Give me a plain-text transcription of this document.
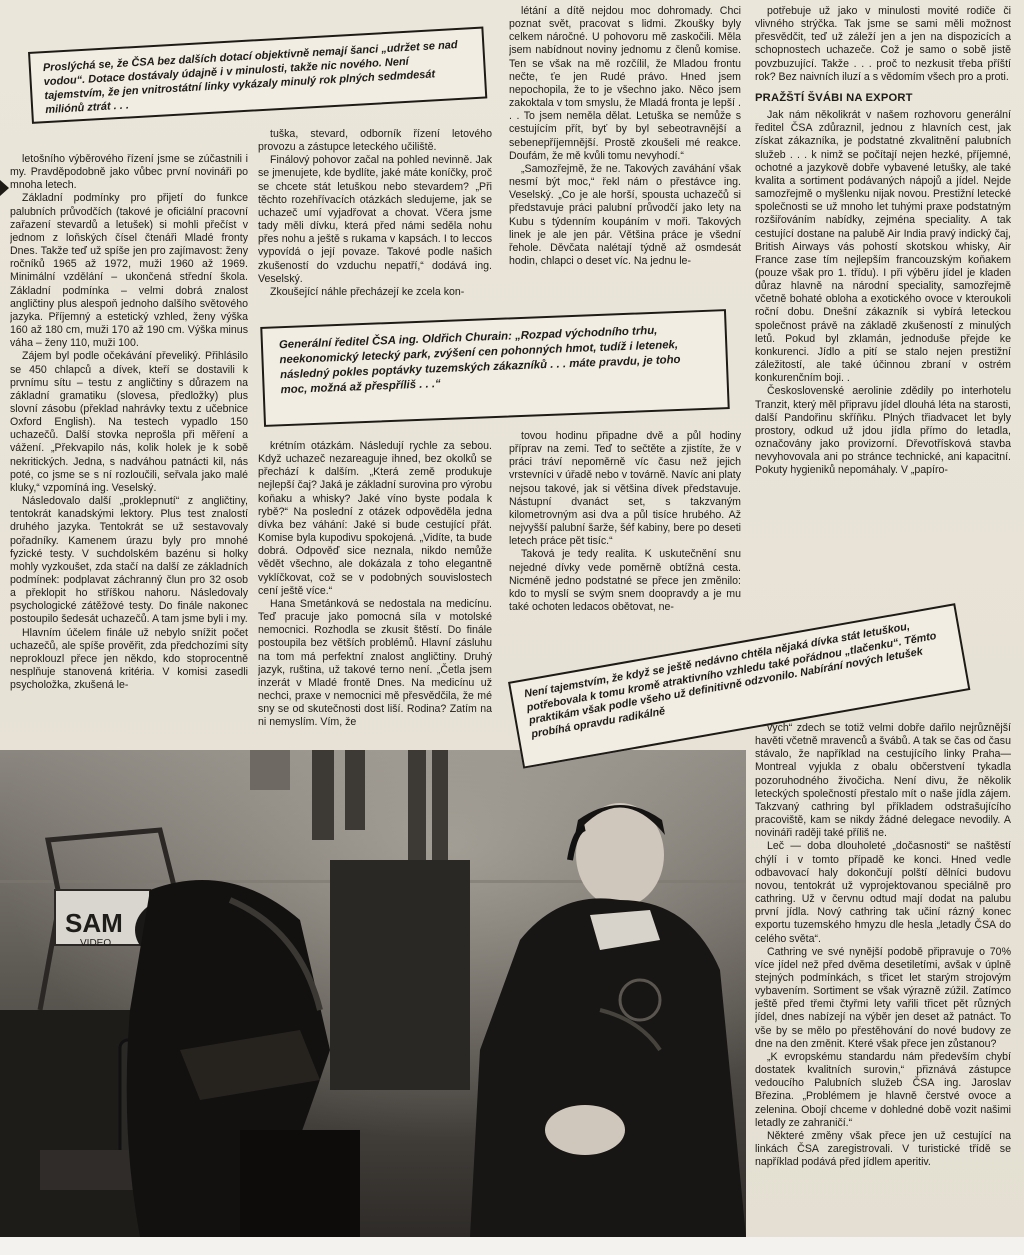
Proslýchá se, že ČSA bez dalších dotací objektivně nemají šanci „udržet se nad vodou“. Dotace dostávaly údajně i v minulosti, takže nic nového. Není tajemstvím, že jen vnitrostátní linky vykázaly minulý rok plných sedmdesát miliónů ztrát . . .

letošního výběrového řízení jsme se zúčastnili i my. Pravděpodobně jako vůbec první novináři po mnoha letech.

Základní podmínky pro přijetí do funkce palubních průvodčích (takové je oficiální pracovní zařazení stevardů a letušek) si mohli přečíst v jednom z loňských čísel čtenáři Mladé fronty Dnes. Takže teď už spíše jen pro zajímavost: ženy ročníků 1965 až 1972, muži 1960 až 1969. Minimální vzdělání – ukončená střední škola. Základní podmínka – velmi dobrá znalost angličtiny plus alespoň jednoho dalšího světového jazyka. Příjemný a estetický vzhled, ženy výška 160 až 180 cm, muži 170 až 190 cm. Výška minus váha – ženy 110, muži 100.

Zájem byl podle očekávání převeliký. Přihlásilo se 450 chlapců a dívek, kteří se dostavili k prvnímu sítu – testu z angličtiny s důrazem na základní gramatiku (slovesa, předložky) plus slovní zásobu (překlad nahrávky textu z učebnice Oxford English). Na testech vypadlo 150 uchazečů. Další stovka neprošla při měření a vážení. „Překvapilo nás, kolik holek je k sobě nekritických. Jedna, s nadváhou patnácti kil, nás poté, co jsme se s ní rozloučili, seřvala jako malé kluky,“ vzpomíná ing. Veselský.

Následovalo další „proklepnutí“ z angličtiny, tentokrát kanadskými lektory. Plus test znalostí druhého jazyka. Tentokrát se už sestavovaly pořadníky. Kamenem úrazu byly pro mnohé fyzické testy. V suchdolském bazénu si holky mohly vyzkoušet, zda stačí na další ze základních podmínek: podplavat záchranný člun pro 32 osob a překlopit ho stříškou nahoru. Následovaly psychologické zátěžové testy. Do finále nakonec postoupilo šedesát uchazečů. A tam jsme byli i my.

Hlavním účelem finále už nebylo snížit počet uchazečů, ale spíše prověřit, zda předchozími síty neproklouzl přece jen někdo, kdo stoprocentně nesplňuje stanovená kritéria. V komisi zasedli psycholožka, zkušená le-

tuška, stevard, odborník řízení letového provozu a zástupce leteckého učiliště.

Finálový pohovor začal na pohled nevinně. Jak se jmenujete, kde bydlíte, jaké máte koníčky, proč se chcete stát letuškou nebo stevardem? „Při těchto rozehřívacích otázkách sledujeme, jak se uchazeč umí vyjadřovat a chovat. Včera jsme tady měli dívku, která před námi seděla nohu přes nohu a ještě s rukama v kapsách. I to leccos vypovídá o její povaze. Takové podle našich zkušeností do vzduchu nepatří,“ dodává ing. Veselský.

Zkoušející náhle přecházejí ke zcela kon-

létání a dítě nejdou moc dohromady. Chci poznat svět, pracovat s lidmi. Zkoušky byly celkem náročné. U pohovoru mě zaskočili. Měla jsem nabídnout noviny jednomu z členů komise. Ten se však na mě rozčílil, že Mladou frontu nečte, ťe jen Rudé právo. Hned jsem nepochopila, že to je všechno jako. Něco jsem zakoktala v tom smyslu, že Mladá fronta je lepší . . . To jsem neměla dělat. Letuška se nemůže s cestujícím přít, byť by byl sebeotravnější a sebenepříjemnější. Prostě zkoušeli mé reakce. Doufám, že mě kvůli tomu nevyhodí.“

„Samozřejmě, že ne. Takových zaváhání však nesmí být moc,“ řekl nám o přestávce ing. Veselský. „Co je ale horší, spousta uchazečů si představuje práci palubní průvodčí jako lety na Kubu s týdenním koupáním v moři. Takových linek je ale jen pár. Většina práce je všední řehole. Děvčata nalétají týdně až osmdesát hodin, chlapci o deset víc. Na jednu le-

Generální ředitel ČSA ing. Oldřich Churain: „Rozpad východního trhu, neekonomický letecký park, zvýšení cen pohonných hmot, tudíž i letenek, následný pokles poptávky tuzemských zákazníků . . . máte pravdu, je toho moc, možná až přespříliš . . .“

krétním otázkám. Následují rychle za sebou. Když uchazeč nezareaguje ihned, bez okolků se přechází k dalším. „Která země produkuje nejlepší čaj? Jaká je základní surovina pro výrobu koňaku a whisky? Jaké víno byste podala k rybě?“ Na poslední z otázek odpověděla jedna dívka bez váhání: Jaké si bude cestující přát. Komise byla kupodivu spokojená. „Vidíte, ta bude dobrá. Odpověď sice neznala, nikdo nemůže vědět všechno, ale dokázala z toho elegantně vyklíčkovat, což se v podobných souvislostech cení ještě více.“

Hana Smetánková se nedostala na medicínu. Teď pracuje jako pomocná síla v motolské nemocnici. Rozhodla se zkusit štěstí. Do finále postoupila bez větších problémů. Hlavní zásluhu na tom má perfektní znalost angličtiny. Druhý jazyk, ruština, už takové terno není. „Četla jsem inzerát v Mladé frontě Dnes. Na medicínu už nechci, praxe v nemocnici mě přesvědčila, že mé sny se od skutečnosti dost liší. Rodina? Zatím na ni nemyslím. Vím, že

tovou hodinu připadne dvě a půl hodiny příprav na zemi. Teď to sečtěte a zjistíte, že v práci tráví nepoměrně víc času než jejich vrstevníci v úřadě nebo v továrně. Navíc ani platy nejsou takové, jak si většina dívek představuje. Nástupní dvanáct set, s takzvaným kilometrovným asi dva a půl tisíce hrubého. Až nejvyšší palubní šarže, šéf kabiny, bere po deseti letech práce pět tisíc.“

Taková je tedy realita. K uskutečnění snu nejedné dívky vede poměrně obtížná cesta. Nicméně jedno podstatné se přece jen změnilo: kdo to myslí se svým snem doopravdy a je mu také ochoten ledacos obětovat, ne-

potřebuje už jako v minulosti movité rodiče či vlivného strýčka. Tak jsme se sami měli možnost přesvědčit, teď už záleží jen a jen na dispozicích a schopnostech uchazeče. Což je samo o sobě jistě povzbuzující. Takže . . . proč to nezkusit třeba příští rok? Bez naivních iluzí a s vědomím všech pro a proti.

PRAŽŠTÍ ŠVÁBI NA EXPORT

Jak nám několikrát v našem rozhovoru generální ředitel ČSA zdůraznil, jednou z hlavních cest, jak získat zákazníka, je podstatné zkvalitnění palubních služeb . . . k nimž se počítají nejen hezké, příjemné, ochotné a jazykově dobře vybavené letušky, ale také kvalita a sortiment podávaných nápojů a jídel. Nejde samozřejmě o myšlenku nijak novou. Prestižní letecké společnosti se už mnoho let tuhými praxe podstatným rozšiřováním nabídky, zejména speciality. A tak cestující dostane na palubě Air India pravý indický čaj, British Airways vás pohostí skotskou whisky, Air France zase tím nejlepším francouzským koňakem (pouze však pro 1. třídu). I při výběru jídel je kladen důraz hlavně na národní speciality, samozřejmě včetně bohaté obloha a exotického ovoce v kteroukoli roční dobu. Dnešní zákazník si vybírá leteckou společnost právě na základě zkušeností z minulých letů. Pokud byl zklamán, jednoduše přejde ke konkurenci. Jídlo a pití se stalo nejen prestižní záležitostí, ale také účinnou zbraní v ostrém konkurenčním boji. .

Československé aerolinie zdědily po interhotelu Tranzit, který měl připravu jídel dlouhá léta na starosti, další Pandořinu skříňku. Plných třiadvacet let byly prostory, odkud už jdou jídla přímo do letadla, označovány jako provizorní. Dřevotřísková stavba nevyhovovala ani po stránce technické, ani kapacitní. Pokuty hygieniků nepomáhaly. V „papíro-

Není tajemstvím, že když se ještě nedávno chtěla nějaká dívka stát letuškou, potřebovala k tomu kromě atraktivního vzhledu také pořádnou „tlačenku“. Těmto praktikám však podle všeho už definitivně odzvonilo. Nabírání nových letušek probíhá opravdu radikálně	vých“ zdech se totiž velmi dobře dařilo nejrůznější havěti včetně mravenců a švábů. A tak se čas od času stávalo, že například na cestujícího linky Praha—Montreal vyjukla z obalu občerstvení tykadla pozoruhodného živočicha. Není divu, že několik leteckých společností přestalo mít o naše jídla zájem. Takzvaný cathring byl příkladem odstrašujícího pracoviště, kam se nikdy žádné delegace nevodily. A novináři raději také příliš ne.

Leč — doba dlouholeté „dočasnosti“ se naštěstí chýlí i v tomto případě ke konci. Hned vedle odbavovací haly dokončují polští dělníci budovu novou, tentokrát už vyprojektovanou speciálně pro cathring. Už v červnu odtud mají dodat na palubu první jídla. Nový cathring tak učiní rázný konec exportu tuzemského hmyzu dle hesla „letadly ČSA do celého světa“.

Cathring ve své nynější podobě připravuje o 70% více jídel než před dvěma desetiletími, avšak v úplně stejných podmínkách, s třicet let starým strojovým vybavením. Sortiment se však výrazně zúžil. Zatímco ještě před třemi čtyřmi lety vařili třicet pět různých jídel, dnes nabízejí na výběr jen deset až patnáct. To vše by se mělo po přestěhování do nové budovy ze dne na den změnit. Které však přece jen zůstanou?

„K evropskému standardu nám především chybí dostatek kvalitních surovin,“ přiznává zástupce vedoucího Palubních služeb ČSA ing. Jaroslav Březina. „Problémem je hlavně čerstvé ovoce a zelenina. Obojí chceme v dohledné době vozit našimi letadly ze zahraničí.“

Některé změny však přece jen už cestující na linkách ČSA zaregistrovali. V turistické třídě se například podává před jídlem aperitiv.

SAM
VIDEO
